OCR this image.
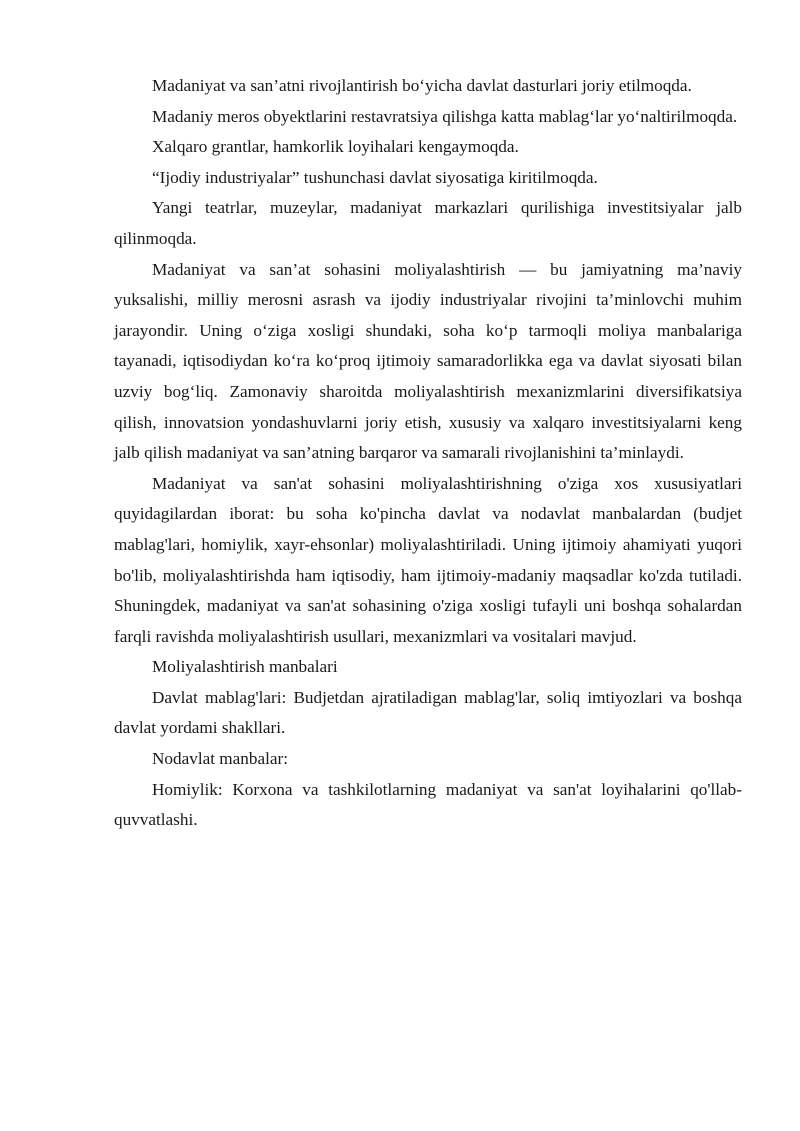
Madaniyat va san’atni rivojlantirish bo‘yicha davlat dasturlari joriy etilmoqda.

Madaniy meros obyektlarini restavratsiya qilishga katta mablag‘lar yo‘naltirilmoqda.

Xalqaro grantlar, hamkorlik loyihalari kengaymoqda.

“Ijodiy industriyalar” tushunchasi davlat siyosatiga kiritilmoqda.

Yangi teatrlar, muzeylar, madaniyat markazlari qurilishiga investitsiyalar jalb qilinmoqda.

Madaniyat va san’at sohasini moliyalashtirish — bu jamiyatning ma’naviy yuksalishi, milliy merosni asrash va ijodiy industriyalar rivojini ta’minlovchi muhim jarayondir. Uning o‘ziga xosligi shundaki, soha ko‘p tarmoqli moliya manbalariga tayanadi, iqtisodiydan ko‘ra ko‘proq ijtimoiy samaradorlikka ega va davlat siyosati bilan uzviy bog‘liq. Zamonaviy sharoitda moliyalashtirish mexanizmlarini diversifikatsiya qilish, innovatsion yondashuvlarni joriy etish, xususiy va xalqaro investitsiyalarni keng jalb qilish madaniyat va san’atning barqaror va samarali rivojlanishini ta’minlaydi.

Madaniyat va san'at sohasini moliyalashtirishning o'ziga xos xususiyatlari quyidagilardan iborat: bu soha ko'pincha davlat va nodavlat manbalardan (budjet mablag'lari, homiylik, xayr-ehsonlar) moliyalashtiriladi. Uning ijtimoiy ahamiyati yuqori bo'lib, moliyalashtirishda ham iqtisodiy, ham ijtimoiy-madaniy maqsadlar ko'zda tutiladi. Shuningdek, madaniyat va san'at sohasining o'ziga xosligi tufayli uni boshqa sohalardan farqli ravishda moliyalashtirish usullari, mexanizmlari va vositalari mavjud.

Moliyalashtirish manbalari

Davlat mablag'lari: Budjetdan ajratiladigan mablag'lar, soliq imtiyozlari va boshqa davlat yordami shakllari.

Nodavlat manbalar:

Homiylik: Korxona va tashkilotlarning madaniyat va san'at loyihalarini qo'llab-quvvatlashi.
